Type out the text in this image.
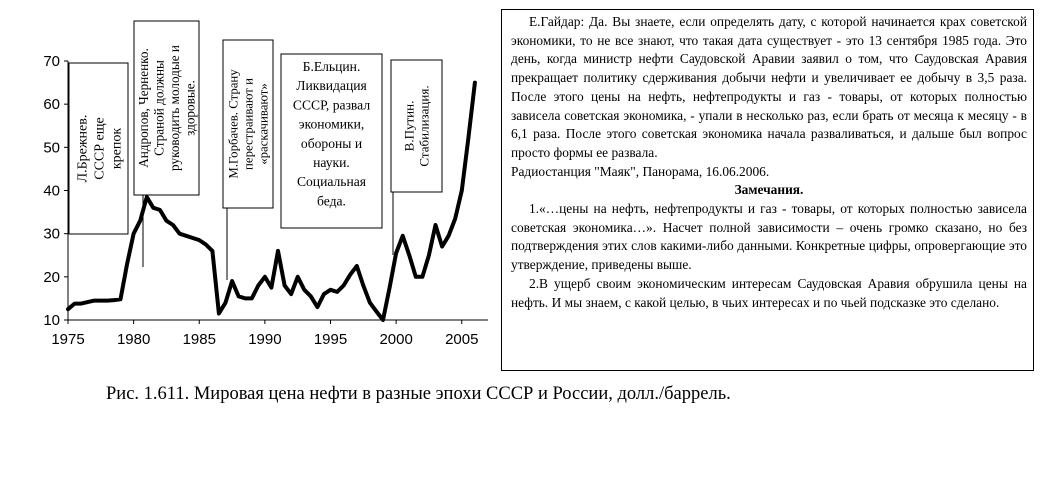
10
20
30
40
50
60
70
1975 1980 1985 1990 1995 2000 2005
Л.Брежнев. СССР еще крепок Андропов, Черненко. Страной должны руководить молодые и здоровые. М.Горбачев. Страну перестраивают и «раскачивают»
Б.Ельцин.
Ликвидация
СССР, развал
экономики,
обороны и
науки.
Социальная
беда.
В.Путин. Стабилизация.

Е.Гайдар: Да. Вы знаете, если определять дату, с которой начинается крах советской экономики, то не все знают, что такая дата существует - это 13 сентября 1985 года. Это день, когда министр нефти Саудовской Аравии заявил о том, что Саудовская Аравия прекращает политику сдерживания добычи нефти и увеличивает ее добычу в 3,5 раза. После этого цены на нефть, нефтепродукты и газ - товары, от которых полностью зависела советская экономика, - упали в несколько раз, если брать от месяца к месяцу - в 6,1 раза. После этого советская экономика начала разваливаться, и дальше был вопрос просто формы ее развала.

Радиостанция "Маяк", Панорама, 16.06.2006.

Замечания.

1.«…цены на нефть, нефтепродукты и газ - товары, от которых полностью зависела советская экономика…». Насчет полной зависимости – очень громко сказано, но без подтверждения этих слов какими-либо данными. Конкретные цифры, опровергающие это утверждение, приведены выше.

2.В ущерб своим экономическим интересам Саудовская Аравия обрушила цены на нефть. И мы знаем, с какой целью, в чьих интересах и по чьей подсказке это сделано.

Рис. 1.611. Мировая цена нефти в разные эпохи СССР и России, долл./баррель.
